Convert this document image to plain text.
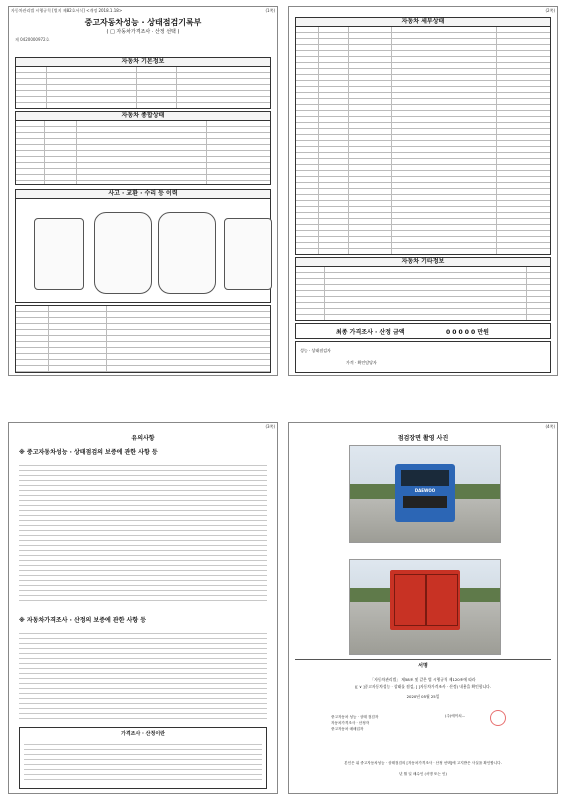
자동차관리법 시행규칙 [별지 제82호서식] <개정 2018.1.18>	(1쪽)
중고자동차성능 · 상태점검기록부
( □ 자동차가격조사 · 산정 선택 )
제 0420000972호
자동차 기본정보
자동차 종합상태
사고 · 교환 · 수리 등 이력
(2쪽)
자동차 세부상태
자동차 기타정보
최종 가격조사 · 산정 금액	0 0 0 0 0 만원
성능 · 상태점검자
가격 · 확인담당자
(3쪽)
유의사항
※ 중고자동차성능 · 상태점검의 보증에 관한 사항 등
※ 자동차가격조사 · 산정의 보증에 관한 사항 등
가격조사 · 산정이란
(4쪽)
점검장면 촬영 사진
DAEWOO
서명
「자동차관리법」 제58조 및 같은 법 시행규칙 제120조에 따라
([ ∨ ]중고자동차성능 · 상태를 점검, [ ]자동차가격조사 · 산정) 내용을 확인합니다.
2020년 05월 25일
중고자동차 성능 · 상태 점검자
자동차가격조사 · 산정자
중고자동차 매매업자
(주)에이치...
본인은 위 중고자동차성능 · 상태점검의 [자동차가격조사 · 산정 선택]에 고지받은 사실을 확인합니다.
년 월 일 매수인 (서명 또는 인)
